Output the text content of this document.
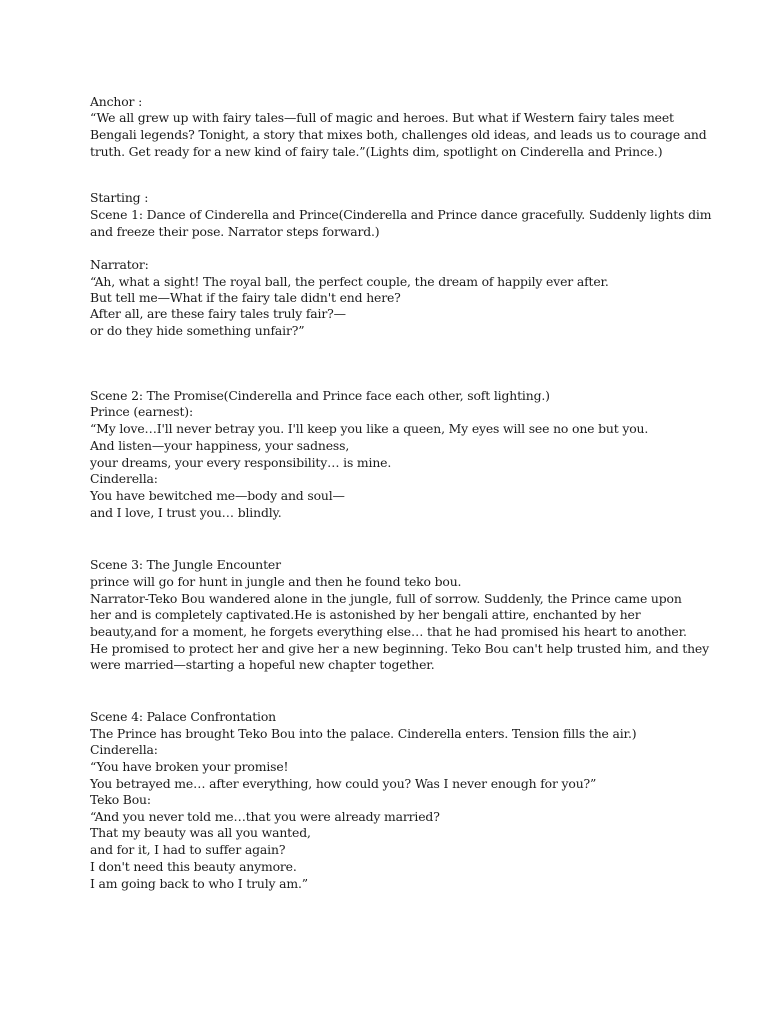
Anchor :
“We all grew up with fairy tales—full of magic and heroes. But what if Western fairy tales meet
Bengali legends? Tonight, a story that mixes both, challenges old ideas, and leads us to courage and
truth. Get ready for a new kind of fairy tale.”(Lights dim, spotlight on Cinderella and Prince.)
Starting :
Scene 1: Dance of Cinderella and Prince(Cinderella and Prince dance gracefully. Suddenly lights dim
and freeze their pose. Narrator steps forward.)
Narrator:
“Ah, what a sight! The royal ball, the perfect couple, the dream of happily ever after.
But tell me—What if the fairy tale didn't end here?
After all, are these fairy tales truly fair?—
or do they hide something unfair?”
Scene 2: The Promise(Cinderella and Prince face each other, soft lighting.)
Prince (earnest):
“My love…I'll never betray you. I'll keep you like a queen, My eyes will see no one but you.
And listen—your happiness, your sadness,
your dreams, your every responsibility… is mine.
Cinderella:
You have bewitched me—body and soul—
and I love, I trust you… blindly.
Scene 3: The Jungle Encounter
prince will go for hunt in jungle and then he found teko bou.
Narrator-Teko Bou wandered alone in the jungle, full of sorrow. Suddenly, the Prince came upon
her and is completely captivated.He is astonished by her bengali attire, enchanted by her
beauty,and for a moment, he forgets everything else… that he had promised his heart to another.
He promised to protect her and give her a new beginning. Teko Bou can't help trusted him, and they
were married—starting a hopeful new chapter together.
Scene 4: Palace Confrontation
The Prince has brought Teko Bou into the palace. Cinderella enters. Tension fills the air.)
Cinderella:
“You have broken your promise!
You betrayed me… after everything, how could you? Was I never enough for you?”
Teko Bou:
“And you never told me…that you were already married?
That my beauty was all you wanted,
and for it, I had to suffer again?
I don't need this beauty anymore.
I am going back to who I truly am.”
